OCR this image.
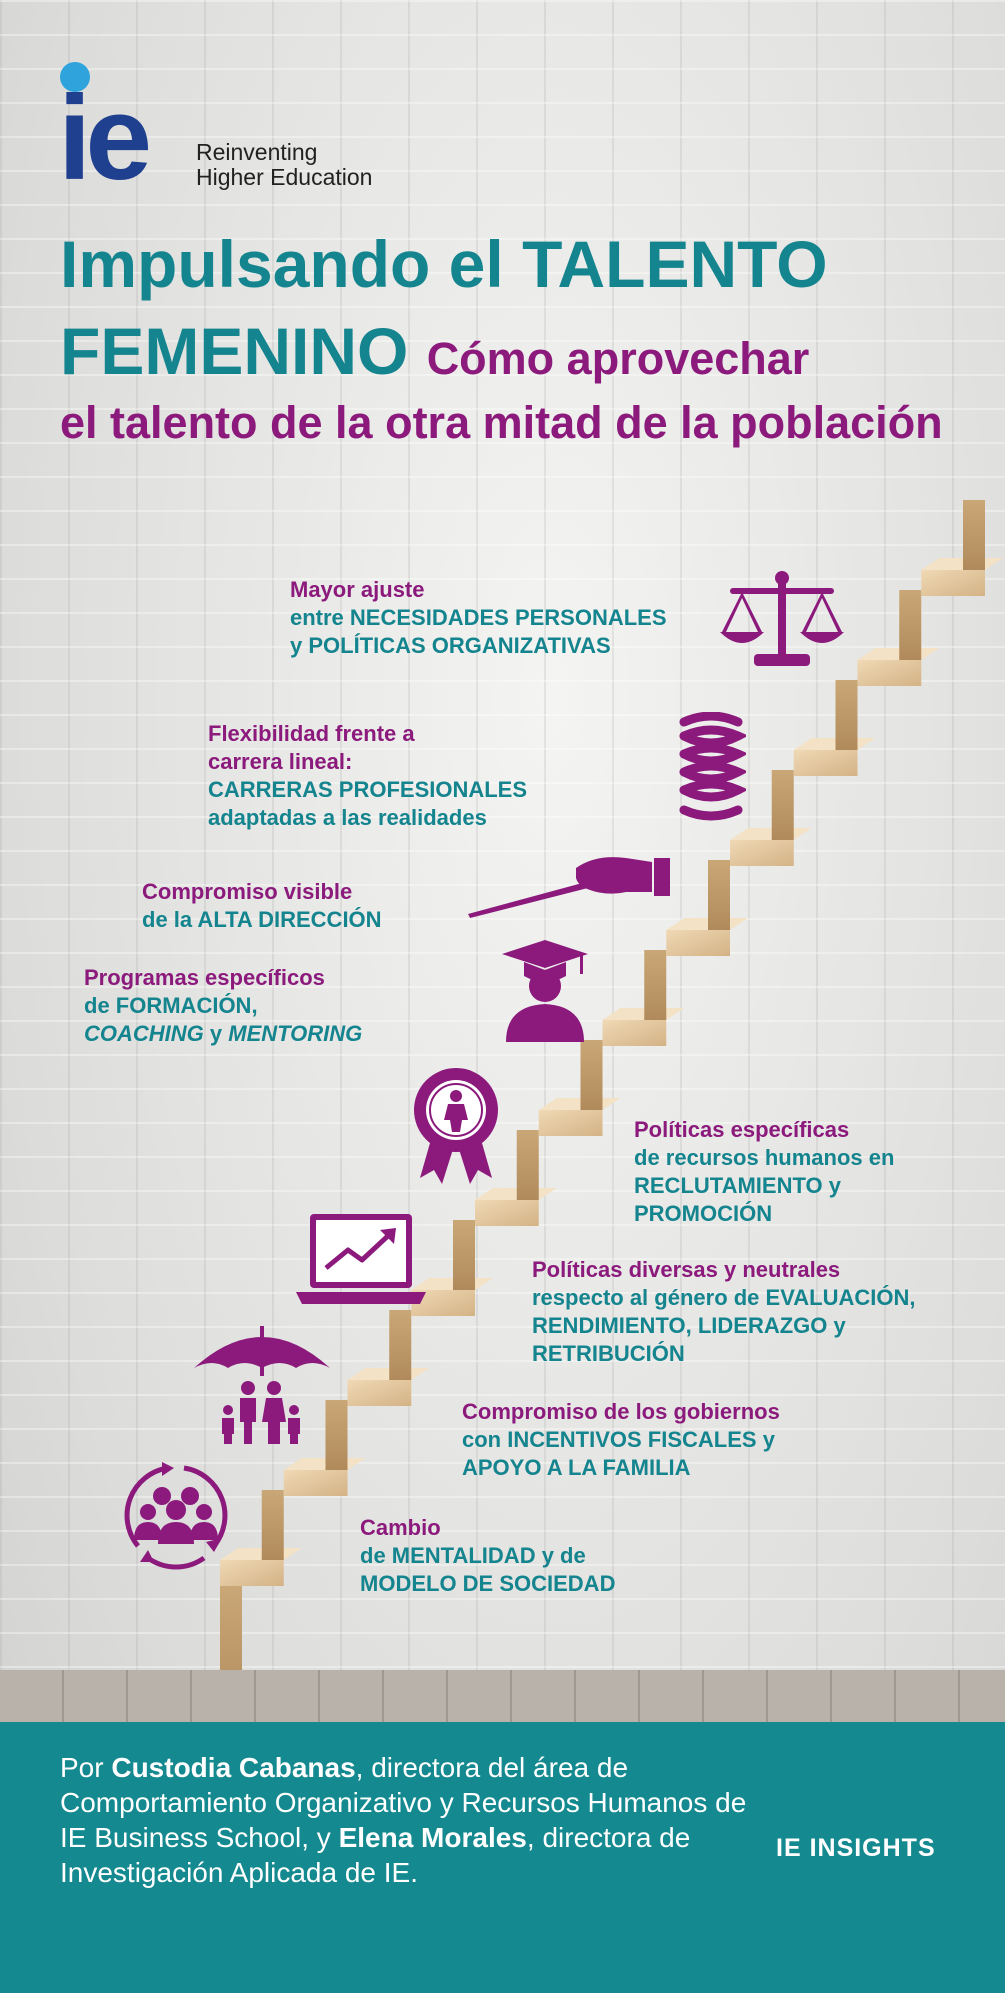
ie Reinventing
Higher Education
Impulsando el TALENTO
FEMENINO Cómo aprovechar
el talento de la otra mitad de la población
Mayor ajuste
entre NECESIDADES PERSONALES y POLÍTICAS ORGANIZATIVAS
Flexibilidad frente a carrera lineal:
CARRERAS PROFESIONALES adaptadas a las realidades
Compromiso visible
de la ALTA DIRECCIÓN
Programas específicos
de FORMACIÓN,
COACHING y MENTORING
Políticas específicas
de recursos humanos en RECLUTAMIENTO y PROMOCIÓN
Políticas diversas y neutrales
respecto al género de EVALUACIÓN, RENDIMIENTO, LIDERAZGO y RETRIBUCIÓN
Compromiso de los gobiernos
con INCENTIVOS FISCALES y APOYO A LA FAMILIA
Cambio
de MENTALIDAD y de MODELO DE SOCIEDAD
Por Custodia Cabanas, directora del área de Comportamiento Organizativo y Recursos Humanos de IE Business School, y Elena Morales, directora de Investigación Aplicada de IE.
IE INSIGHTS
